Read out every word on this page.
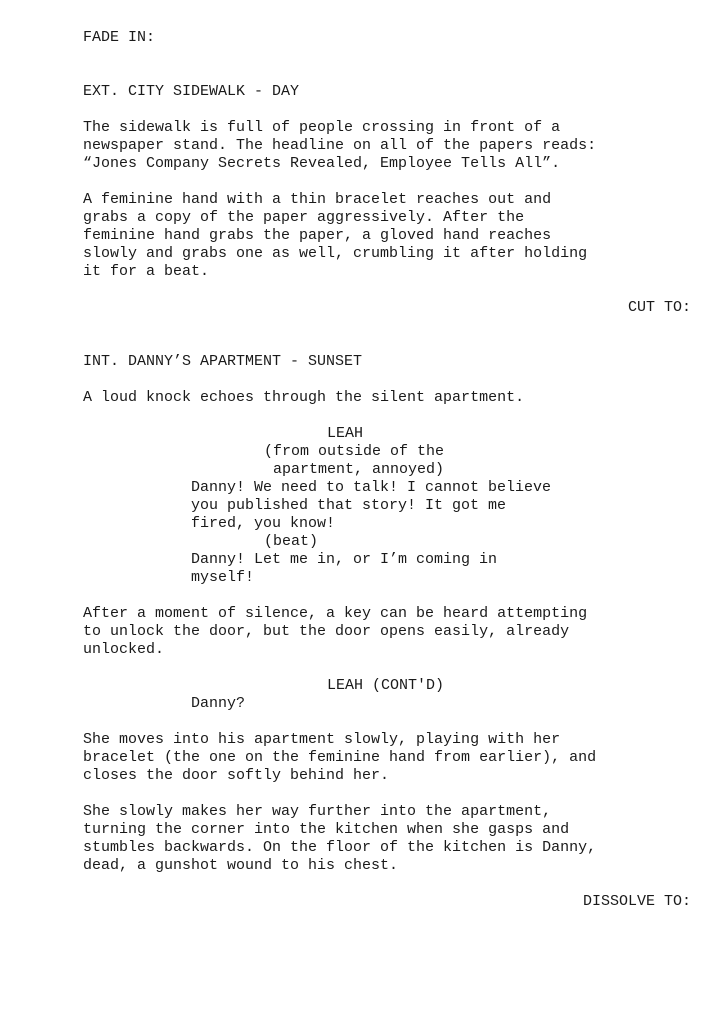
FADE IN:
EXT. CITY SIDEWALK - DAY
The sidewalk is full of people crossing in front of a
newspaper stand. The headline on all of the papers reads:
“Jones Company Secrets Revealed, Employee Tells All”.
A feminine hand with a thin bracelet reaches out and
grabs a copy of the paper aggressively. After the
feminine hand grabs the paper, a gloved hand reaches
slowly and grabs one as well, crumbling it after holding
it for a beat.
CUT TO:
INT. DANNY’S APARTMENT - SUNSET
A loud knock echoes through the silent apartment.
LEAH
(from outside of the
apartment, annoyed)
Danny! We need to talk! I cannot believe
you published that story! It got me
fired, you know!
(beat)
Danny! Let me in, or I’m coming in
myself!
After a moment of silence, a key can be heard attempting
to unlock the door, but the door opens easily, already
unlocked.
LEAH (CONT'D)
Danny?
She moves into his apartment slowly, playing with her
bracelet (the one on the feminine hand from earlier), and
closes the door softly behind her.
She slowly makes her way further into the apartment,
turning the corner into the kitchen when she gasps and
stumbles backwards. On the floor of the kitchen is Danny,
dead, a gunshot wound to his chest.
DISSOLVE TO:
